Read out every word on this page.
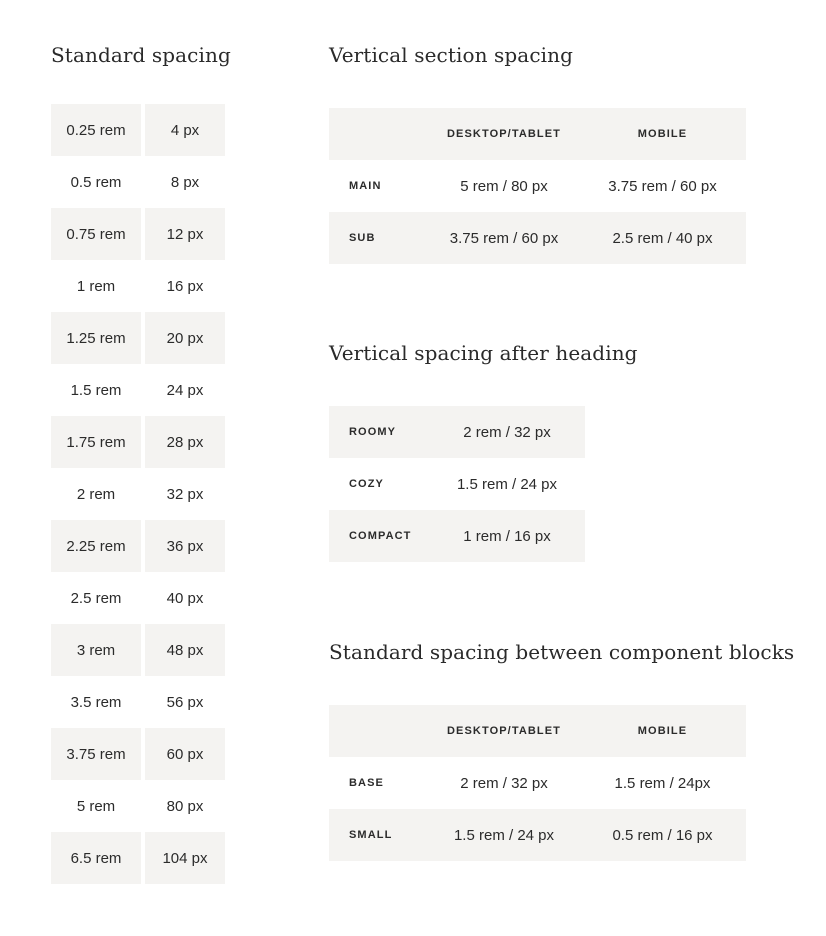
Standard spacing
0.25 rem	4 px
0.5 rem	8 px
0.75 rem	12 px
1 rem	16 px
1.25 rem	20 px
1.5 rem	24 px
1.75 rem	28 px
2 rem	32 px
2.25 rem	36 px
2.5 rem	40 px
3 rem	48 px
3.5 rem	56 px
3.75 rem	60 px
5 rem	80 px
6.5 rem	104 px
Vertical section spacing
	DESKTOP/TABLET	MOBILE
MAIN	5 rem / 80 px	3.75 rem / 60 px
SUB	3.75 rem / 60 px	2.5 rem / 40 px
Vertical spacing after heading
ROOMY	2 rem / 32 px
COZY	1.5 rem / 24 px
COMPACT	1 rem / 16 px
Standard spacing between component blocks
	DESKTOP/TABLET	MOBILE
BASE	2 rem / 32 px	1.5 rem / 24px
SMALL	1.5 rem / 24 px	0.5 rem / 16 px
